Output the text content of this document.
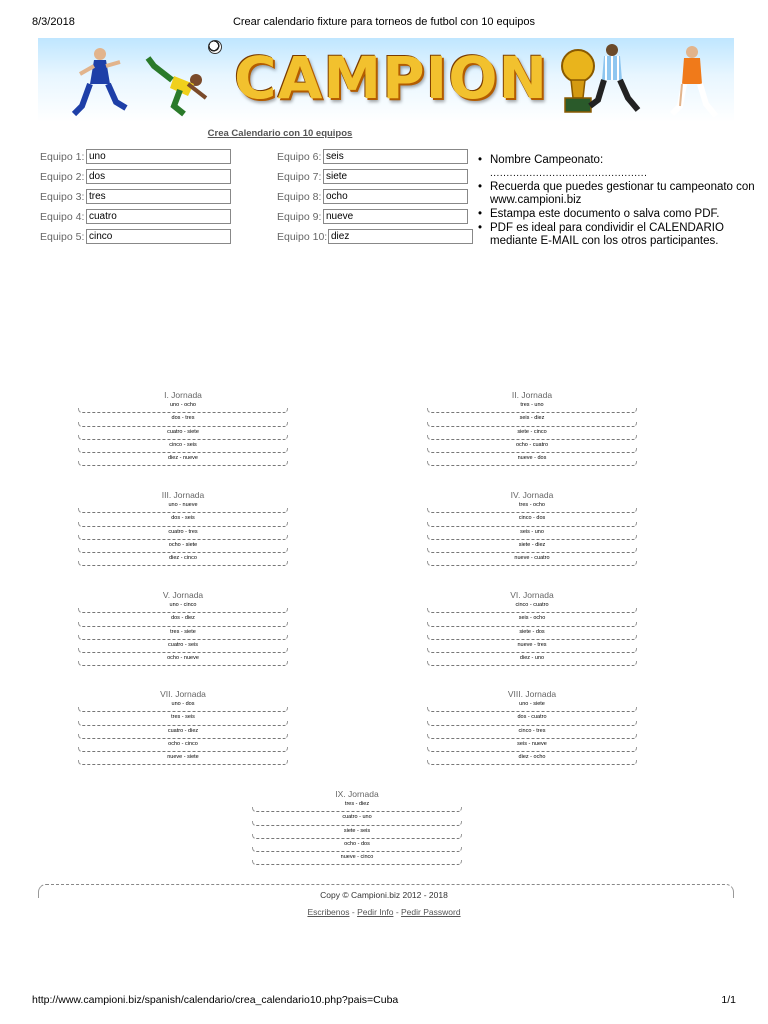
8/3/2018	Crear calendario fixture para torneos de futbol con 10 equipos
CAMPION
Crea Calendario con 10 equipos
Equipo 1:
uno
Equipo 2:
dos
Equipo 3:
tres
Equipo 4:
cuatro
Equipo 5:
cinco
Equipo 6:
seis
Equipo 7:
siete
Equipo 8:
ocho
Equipo 9:
nueve
Equipo 10:
diez
• Nombre Campeonato:
................................................
• Recuerda que puedes gestionar tu campeonato con www.campioni.biz
• Estampa este documento o salva como PDF.
• PDF es ideal para condividir el CALENDARIO mediante E-MAIL con los otros participantes.
I. Jornada
uno - ocho
dos - tres
cuatro - siete
cinco - seis
diez - nueve
II. Jornada
tres - uno
seis - diez
siete - cinco
ocho - cuatro
nueve - dos
III. Jornada
uno - nueve
dos - seis
cuatro - tres
ocho - siete
diez - cinco
IV. Jornada
tres - ocho
cinco - dos
seis - uno
siete - diez
nueve - cuatro
V. Jornada
uno - cinco
dos - diez
tres - siete
cuatro - seis
ocho - nueve
VI. Jornada
cinco - cuatro
seis - ocho
siete - dos
nueve - tres
diez - uno
VII. Jornada
uno - dos
tres - seis
cuatro - diez
ocho - cinco
nueve - siete
VIII. Jornada
uno - siete
dos - cuatro
cinco - tres
seis - nueve
diez - ocho
IX. Jornada
tres - diez
cuatro - uno
siete - seis
ocho - dos
nueve - cinco
Copy © Campioni.biz 2012 - 2018
Escribenos - Pedir Info - Pedir Password
http://www.campioni.biz/spanish/calendario/crea_calendario10.php?pais=Cuba	1/1
